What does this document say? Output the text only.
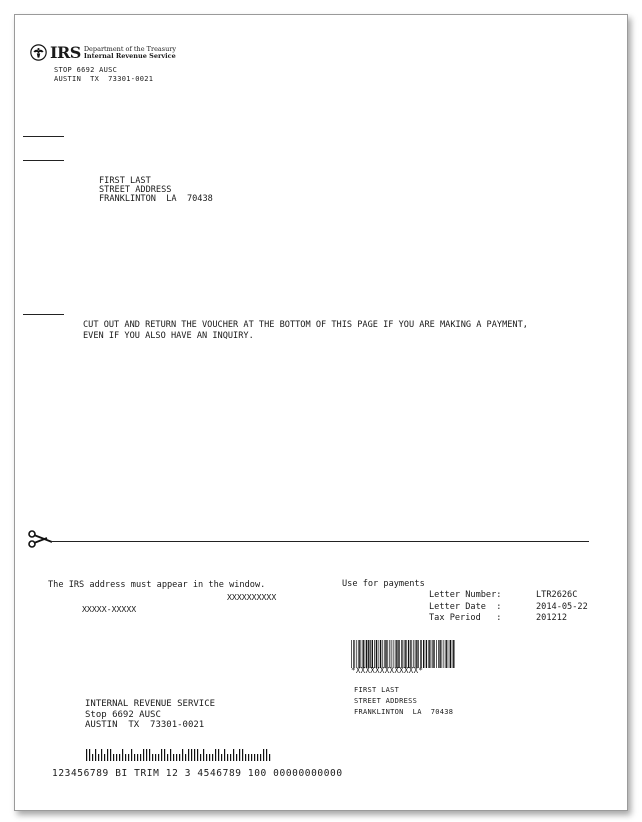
IRS Department of the Treasury
Internal Revenue Service
STOP 6692 AUSC
AUSTIN  TX  73301-0021
FIRST LAST
STREET ADDRESS
FRANKLINTON  LA  70438
CUT OUT AND RETURN THE VOUCHER AT THE BOTTOM OF THIS PAGE IF YOU ARE MAKING A PAYMENT,
EVEN IF YOU ALSO HAVE AN INQUIRY.
The IRS address must appear in the window.
XXXXXXXXXX
XXXXX-XXXXX
Use for payments
Letter Number:
Letter Date  :
Tax Period   :
LTR2626C
2014-05-22
201212
*XXXXXXXXXXXXX*
FIRST LAST
STREET ADDRESS
FRANKLINTON  LA  70438
INTERNAL REVENUE SERVICE
Stop 6692 AUSC
AUSTIN  TX  73301-0021
123456789 BI TRIM 12 3 4546789 100 00000000000
